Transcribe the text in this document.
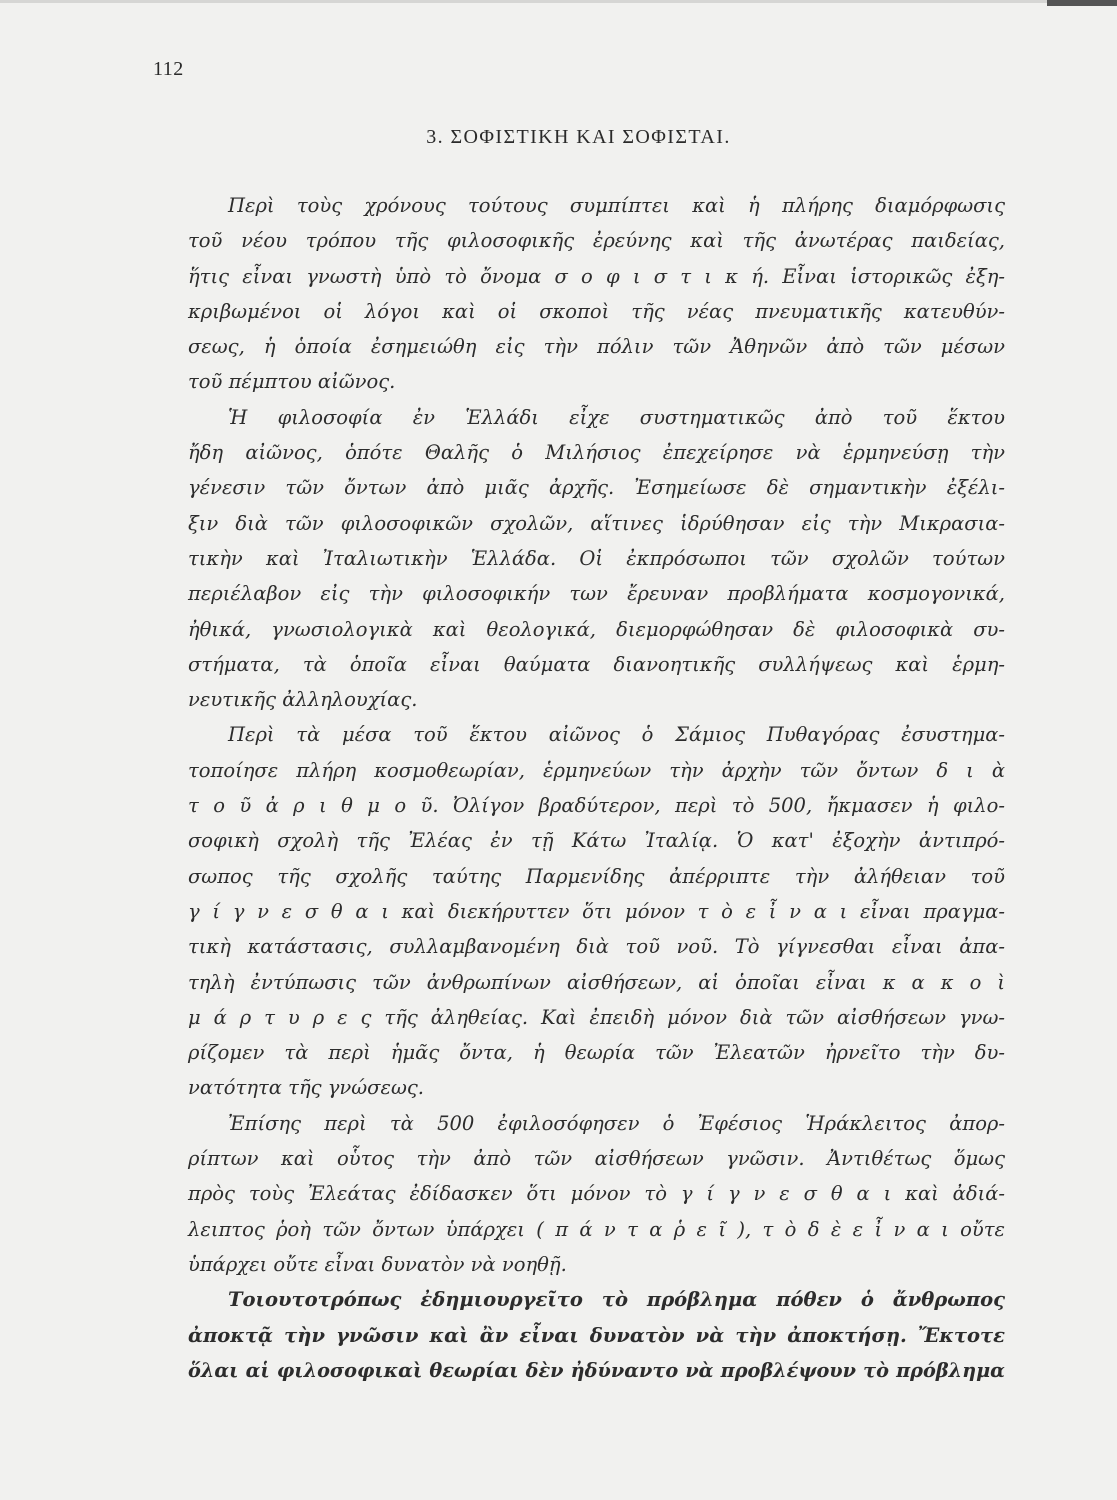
112
3. ΣΟΦΙΣΤΙΚΗ ΚΑΙ ΣΟΦΙΣΤΑΙ.
Περὶ τοὺς χρόνους τούτους συμπίπτει καὶ ἡ πλήρης διαμόρφωσις
τοῦ νέου τρόπου τῆς φιλοσοφικῆς ἐρεύνης καὶ τῆς ἀνωτέρας παιδείας,
ἥτις εἶναι γνωστὴ ὑπὸ τὸ ὄνομα σ ο φ ι σ τ ι κ ή. Εἶναι ἱστορικῶς ἐξη-
κριβωμένοι οἱ λόγοι καὶ οἱ σκοποὶ τῆς νέας πνευματικῆς κατευθύν-
σεως, ἡ ὁποία ἐσημειώθη εἰς τὴν πόλιν τῶν Ἀθηνῶν ἀπὸ τῶν μέσων
τοῦ πέμπτου αἰῶνος.
Ἡ φιλοσοφία ἐν Ἑλλάδι εἶχε συστηματικῶς ἀπὸ τοῦ ἕκτου
ἤδη αἰῶνος, ὁπότε Θαλῆς ὁ Μιλήσιος ἐπεχείρησε νὰ ἑρμηνεύσῃ τὴν
γένεσιν τῶν ὄντων ἀπὸ μιᾶς ἀρχῆς. Ἐσημείωσε δὲ σημαντικὴν ἐξέλι-
ξιν διὰ τῶν φιλοσοφικῶν σχολῶν, αἵτινες ἱδρύθησαν εἰς τὴν Μικρασια-
τικὴν καὶ Ἰταλιωτικὴν Ἑλλάδα. Οἱ ἐκπρόσωποι τῶν σχολῶν τούτων
περιέλαβον εἰς τὴν φιλοσοφικήν των ἔρευναν προβλήματα κοσμογονικά,
ἠθικά, γνωσιολογικὰ καὶ θεολογικά, διεμορφώθησαν δὲ φιλοσοφικὰ συ-
στήματα, τὰ ὁποῖα εἶναι θαύματα διανοητικῆς συλλήψεως καὶ ἑρμη-
νευτικῆς ἀλληλουχίας.
Περὶ τὰ μέσα τοῦ ἕκτου αἰῶνος ὁ Σάμιος Πυθαγόρας ἐσυστημα-
τοποίησε πλήρη κοσμοθεωρίαν, ἑρμηνεύων τὴν ἀρχὴν τῶν ὄντων δ ι ὰ
τ ο ῦ ἀ ρ ι θ μ ο ῦ. Ὀλίγον βραδύτερον, περὶ τὸ 500, ἤκμασεν ἡ φιλο-
σοφικὴ σχολὴ τῆς Ἐλέας ἐν τῇ Κάτω Ἰταλίᾳ. Ὁ κατ' ἐξοχὴν ἀντιπρό-
σωπος τῆς σχολῆς ταύτης Παρμενίδης ἀπέρριπτε τὴν ἀλήθειαν τοῦ
γ ί γ ν ε σ θ α ι καὶ διεκήρυττεν ὅτι μόνον τ ὸ ε ἶ ν α ι εἶναι πραγμα-
τικὴ κατάστασις, συλλαμβανομένη διὰ τοῦ νοῦ. Τὸ γίγνεσθαι εἶναι ἀπα-
τηλὴ ἐντύπωσις τῶν ἀνθρωπίνων αἰσθήσεων, αἱ ὁποῖαι εἶναι κ α κ ο ὶ
μ ά ρ τ υ ρ ε ς τῆς ἀληθείας. Καὶ ἐπειδὴ μόνον διὰ τῶν αἰσθήσεων γνω-
ρίζομεν τὰ περὶ ἡμᾶς ὄντα, ἡ θεωρία τῶν Ἐλεατῶν ἠρνεῖτο τὴν δυ-
νατότητα τῆς γνώσεως.
Ἐπίσης περὶ τὰ 500 ἐφιλοσόφησεν ὁ Ἐφέσιος Ἡράκλειτος ἀπορ-
ρίπτων καὶ οὗτος τὴν ἀπὸ τῶν αἰσθήσεων γνῶσιν. Ἀντιθέτως ὅμως
πρὸς τοὺς Ἐλεάτας ἐδίδασκεν ὅτι μόνον τὸ γ ί γ ν ε σ θ α ι καὶ ἀδιά-
λειπτος ῥοὴ τῶν ὄντων ὑπάρχει ( π ά ν τ α ῥ ε ῖ ), τ ὸ δ ὲ ε ἶ ν α ι οὔτε
ὑπάρχει οὔτε εἶναι δυνατὸν νὰ νοηθῇ.
Τοιουτοτρόπως ἐδημιουργεῖτο τὸ πρόβλημα πόθεν ὁ ἄνθρωπος
ἀποκτᾷ τὴν γνῶσιν καὶ ἂν εἶναι δυνατὸν νὰ τὴν ἀποκτήσῃ. Ἔκτοτε
ὅλαι αἱ φιλοσοφικαὶ θεωρίαι δὲν ἠδύναντο νὰ προβλέψουν τὸ πρόβλημα
